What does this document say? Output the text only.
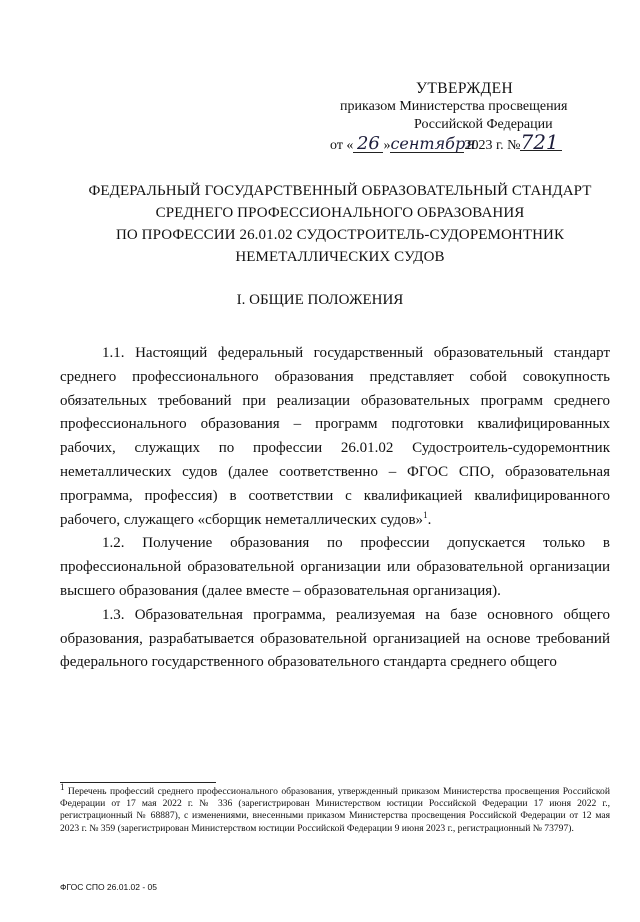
УТВЕРЖДЕН
приказом Министерства просвещения
Российской Федерации
от « 26 » сентября
2023 г. № 721
ФЕДЕРАЛЬНЫЙ ГОСУДАРСТВЕННЫЙ ОБРАЗОВАТЕЛЬНЫЙ СТАНДАРТ
СРЕДНЕГО ПРОФЕССИОНАЛЬНОГО ОБРАЗОВАНИЯ
ПО ПРОФЕССИИ 26.01.02 СУДОСТРОИТЕЛЬ-СУДОРЕМОНТНИК
НЕМЕТАЛЛИЧЕСКИХ СУДОВ
I. ОБЩИЕ ПОЛОЖЕНИЯ

1.1. Настоящий федеральный государственный образовательный стандарт среднего профессионального образования представляет собой совокупность обязательных требований при реализации образовательных программ среднего профессионального образования – программ подготовки квалифицированных рабочих, служащих по профессии 26.01.02 Судостроитель-судоремонтник неметаллических судов (далее соответственно – ФГОС СПО, образовательная программа, профессия) в соответствии с квалификацией квалифицированного рабочего, служащего «сборщик неметаллических судов»$^1$.

1.2. Получение образования по профессии допускается только в профессиональной образовательной организации или образовательной организации высшего образования (далее вместе – образовательная организация).

1.3. Образовательная программа, реализуемая на базе основного общего образования, разрабатывается образовательной организацией на основе требований федерального государственного образовательного стандарта среднего общего

$^1$ Перечень профессий среднего профессионального образования, утвержденный приказом Министерства просвещения Российской Федерации от 17 мая 2022 г. № 336 (зарегистрирован Министерством юстиции Российской Федерации 17 июня 2022 г., регистрационный № 68887), с изменениями, внесенными приказом Министерства просвещения Российской Федерации от 12 мая 2023 г. № 359 (зарегистрирован Министерством юстиции Российской Федерации 9 июня 2023 г., регистрационный № 73797).
ФГОС СПО 26.01.02 - 05
